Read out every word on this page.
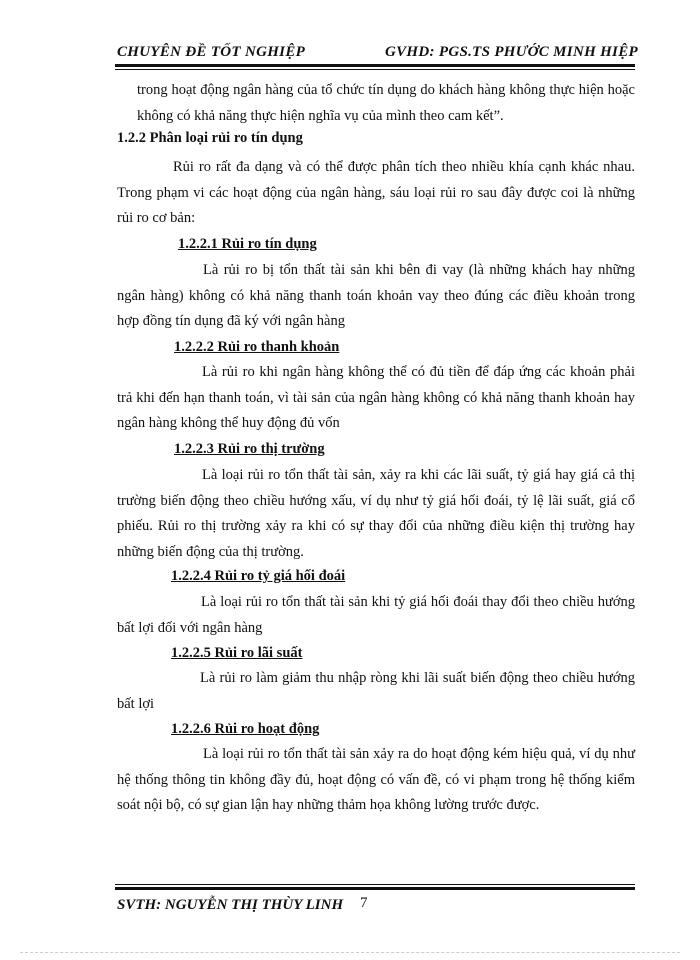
CHUYÊN ĐỀ TỐT NGHIỆP	GVHD: PGS.TS PHƯỚC MINH HIỆP

trong hoạt động ngân hàng của tổ chức tín dụng do khách hàng không thực hiện hoặc không có khả năng thực hiện nghĩa vụ của mình theo cam kết”.

1.2.2 Phân loại rủi ro tín dụng

Rủi ro rất đa dạng và có thể được phân tích theo nhiều khía cạnh khác nhau. Trong phạm vi các hoạt động của ngân hàng, sáu loại rủi ro sau đây được coi là những rủi ro cơ bản:

1.2.2.1 Rủi ro tín dụng

Là rủi ro bị tổn thất tài sản khi bên đi vay (là những khách hay những ngân hàng) không có khả năng thanh toán khoản vay theo đúng các điều khoản trong hợp đồng tín dụng đã ký với ngân hàng

1.2.2.2 Rủi ro thanh khoản

Là rủi ro khi ngân hàng không thể có đủ tiền để đáp ứng các khoản phải trả khi đến hạn thanh toán, vì tài sản của ngân hàng không có khả năng thanh khoản hay ngân hàng không thể huy động đủ vốn

1.2.2.3 Rủi ro thị trường

Là loại rủi ro tổn thất tài sản, xảy ra khi các lãi suất, tỷ giá hay giá cả thị trường biến động theo chiều hướng xấu, ví dụ như tỷ giá hối đoái, tỷ lệ lãi suất, giá cổ phiếu. Rủi ro thị trường xảy ra khi có sự thay đổi của những điều kiện thị trường hay những biến động của thị trường.

1.2.2.4 Rủi ro tỷ giá hối đoái

Là loại rủi ro tổn thất tài sản khi tỷ giá hối đoái thay đổi theo chiều hướng bất lợi đối với ngân hàng

1.2.2.5 Rủi ro lãi suất

Là rủi ro làm giảm thu nhập ròng khi lãi suất biến động theo chiều hướng bất lợi

1.2.2.6 Rủi ro hoạt động

Là loại rủi ro tổn thất tài sản xảy ra do hoạt động kém hiệu quả, ví dụ như hệ thống thông tin không đầy đủ, hoạt động có vấn đề, có vi phạm trong hệ thống kiểm soát nội bộ, có sự gian lận hay những thảm họa không lường trước được.

SVTH: NGUYỄN THỊ THÙY LINH 7
